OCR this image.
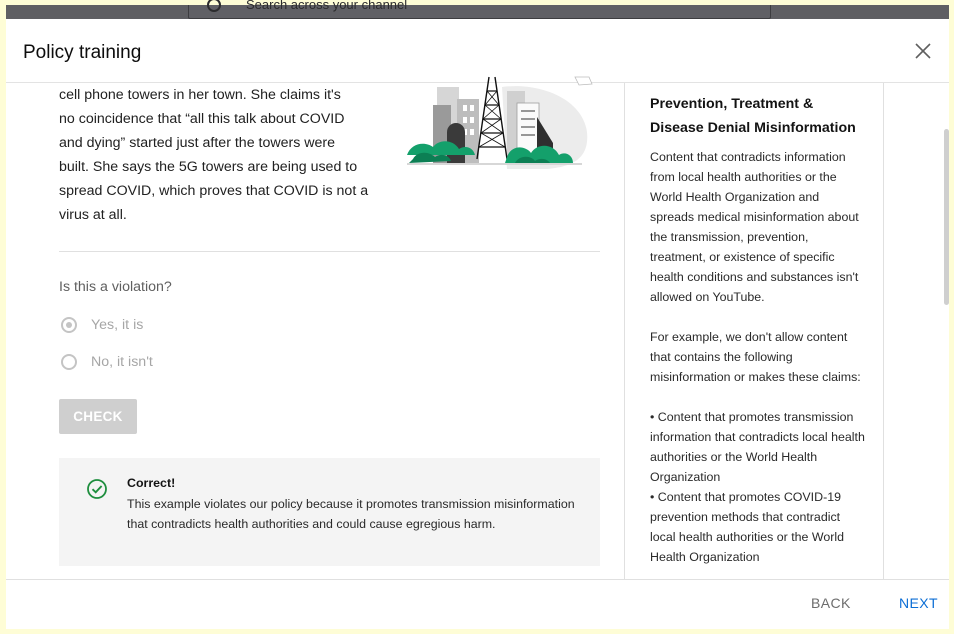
Search across your channel
Policy training
cell phone towers in her town. She claims it's
no coincidence that “all this talk about COVID
and dying” started just after the towers were
built. She says the 5G towers are being used to
spread COVID, which proves that COVID is not a
virus at all.
Is this a violation?
Yes, it is
No, it isn't
CHECK
Correct!
This example violates our policy because it promotes transmission misinformation that contradicts health authorities and could cause egregious harm.
Prevention, Treatment & Disease Denial Misinformation

Content that contradicts information from local health authorities or the World Health Organization and spreads medical misinformation about the transmission, prevention, treatment, or existence of specific health conditions and substances isn't allowed on YouTube.

For example, we don't allow content that contains the following misinformation or makes these claims:

• Content that promotes transmission information that contradicts local health authorities or the World Health Organization
• Content that promotes COVID-19 prevention methods that contradict local health authorities or the World Health Organization
BACK	NEXT
